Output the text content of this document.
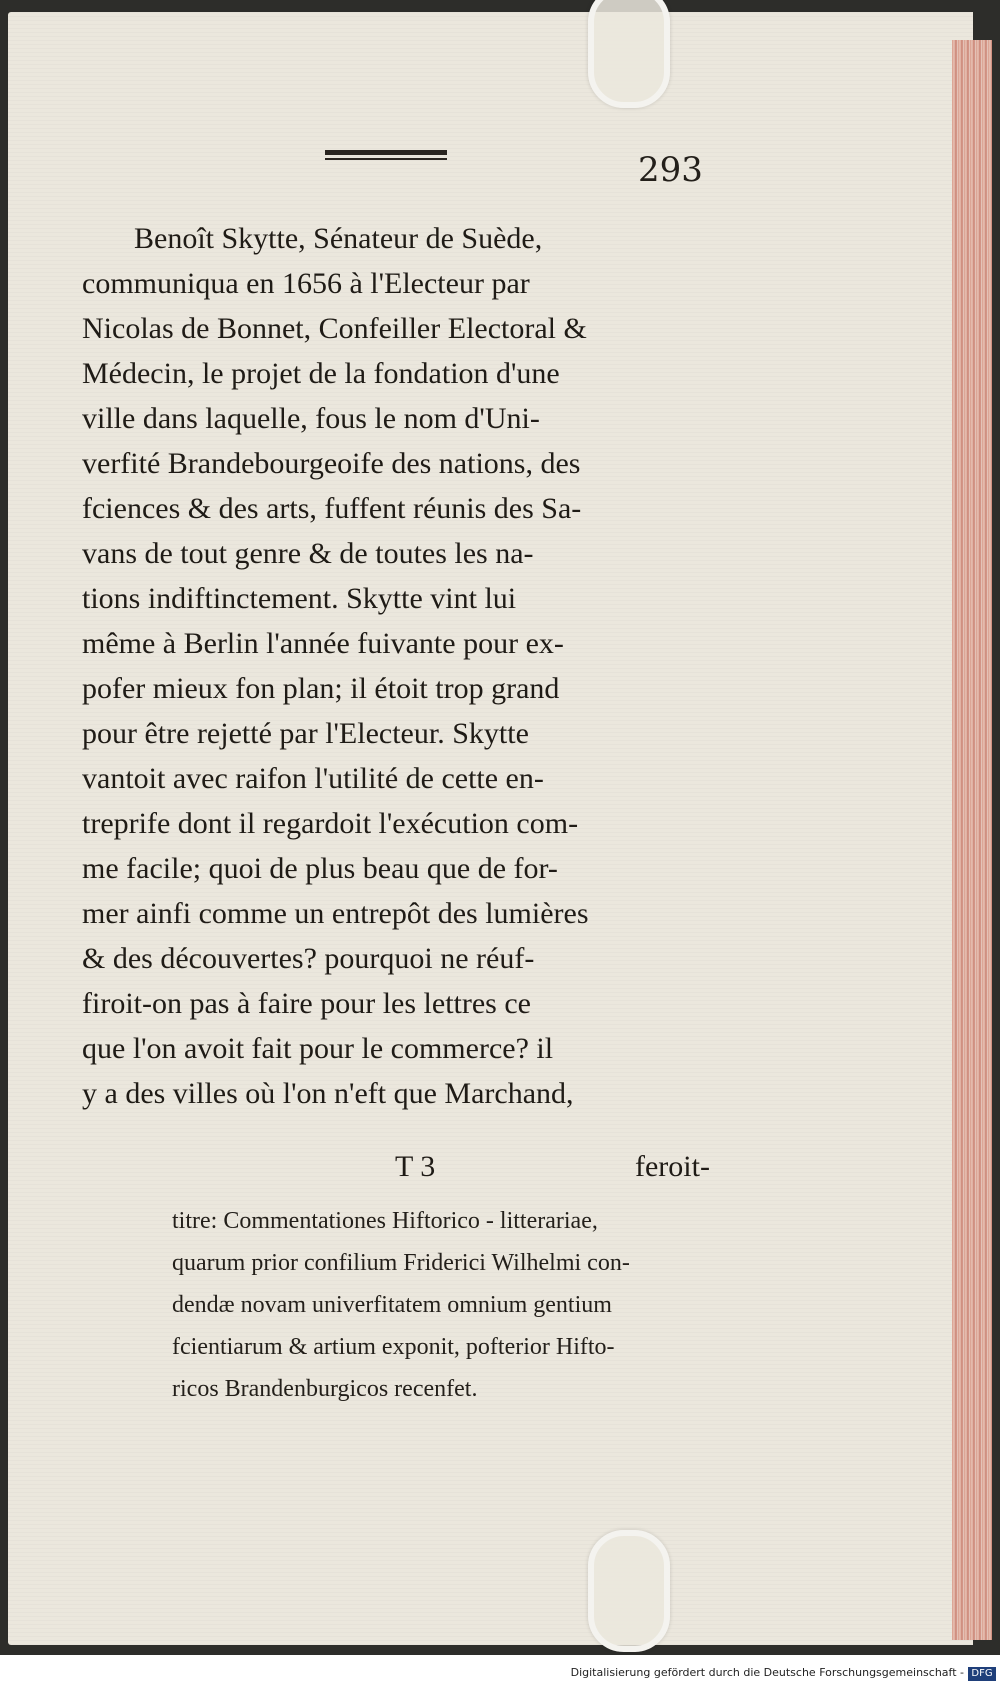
293
Benoît Skytte, Sénateur de Suède,
communiqua en 1656 à l'Electeur par
Nicolas de Bonnet, Confeiller Electoral &
Médecin, le projet de la fondation d'une
ville dans laquelle, fous le nom d'Uni-
verfité Brandebourgeoife des nations, des
fciences & des arts, fuffent réunis des Sa-
vans de tout genre & de toutes les na-
tions indiftinctement. Skytte vint lui
même à Berlin l'année fuivante pour ex-
pofer mieux fon plan; il étoit trop grand
pour être rejetté par l'Electeur. Skytte
vantoit avec raifon l'utilité de cette en-
treprife dont il regardoit l'exécution com-
me facile; quoi de plus beau que de for-
mer ainfi comme un entrepôt des lumières
& des découvertes? pourquoi ne réuf-
firoit-on pas à faire pour les lettres ce
que l'on avoit fait pour le commerce? il
y a des villes où l'on n'eft que Marchand,
T 3	feroit-
titre: Commentationes Hiftorico - litterariae,
quarum prior confilium Friderici Wilhelmi con-
dendæ novam univerfitatem omnium gentium
fcientiarum & artium exponit, pofterior Hifto-
ricos Brandenburgicos recenfet.
Digitalisierung gefördert durch die Deutsche Forschungsgemeinschaft - DFG
